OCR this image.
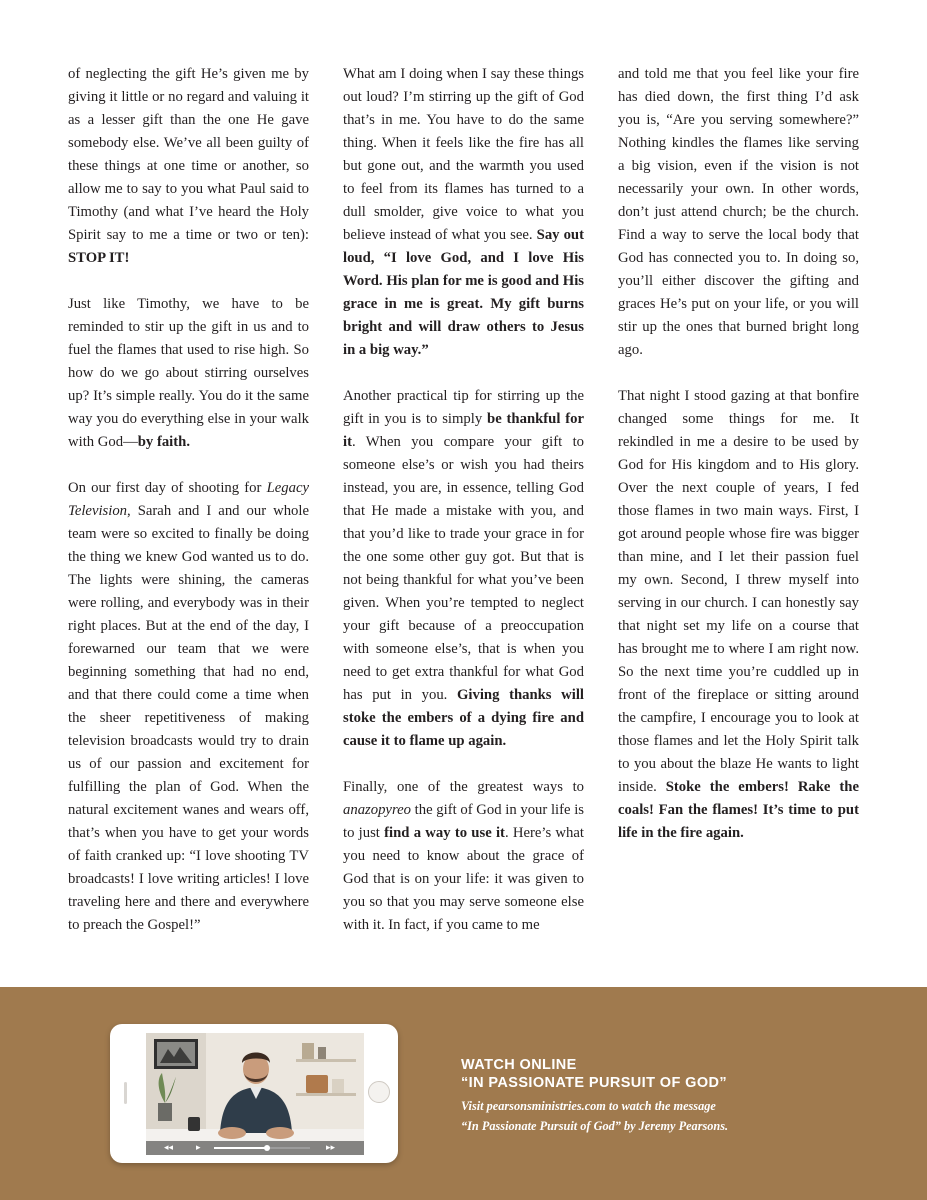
of neglecting the gift He’s given me by giving it little or no regard and valuing it as a lesser gift than the one He gave somebody else. We’ve all been guilty of these things at one time or another, so allow me to say to you what Paul said to Timothy (and what I’ve heard the Holy Spirit say to me a time or two or ten): STOP IT!

Just like Timothy, we have to be reminded to stir up the gift in us and to fuel the flames that used to rise high. So how do we go about stirring ourselves up? It’s simple really. You do it the same way you do everything else in your walk with God—by faith.

On our first day of shooting for Legacy Television, Sarah and I and our whole team were so excited to finally be doing the thing we knew God wanted us to do. The lights were shining, the cameras were rolling, and everybody was in their right places. But at the end of the day, I forewarned our team that we were beginning something that had no end, and that there could come a time when the sheer repetitiveness of making television broadcasts would try to drain us of our passion and excitement for fulfilling the plan of God. When the natural excitement wanes and wears off, that’s when you have to get your words of faith cranked up: “I love shooting TV broadcasts! I love writing articles! I love traveling here and there and everywhere to preach the Gospel!”

What am I doing when I say these things out loud? I’m stirring up the gift of God that’s in me. You have to do the same thing. When it feels like the fire has all but gone out, and the warmth you used to feel from its flames has turned to a dull smolder, give voice to what you believe instead of what you see. Say out loud, “I love God, and I love His Word. His plan for me is good and His grace in me is great. My gift burns bright and will draw others to Jesus in a big way.”

Another practical tip for stirring up the gift in you is to simply be thankful for it. When you compare your gift to someone else’s or wish you had theirs instead, you are, in essence, telling God that He made a mistake with you, and that you’d like to trade your grace in for the one some other guy got. But that is not being thankful for what you’ve been given. When you’re tempted to neglect your gift because of a preoccupation with someone else’s, that is when you need to get extra thankful for what God has put in you. Giving thanks will stoke the embers of a dying fire and cause it to flame up again.

Finally, one of the greatest ways to anazopyreo the gift of God in your life is to just find a way to use it. Here’s what you need to know about the grace of God that is on your life: it was given to you so that you may serve someone else with it. In fact, if you came to me

and told me that you feel like your fire has died down, the first thing I’d ask you is, “Are you serving somewhere?” Nothing kindles the flames like serving a big vision, even if the vision is not necessarily your own. In other words, don’t just attend church; be the church. Find a way to serve the local body that God has connected you to. In doing so, you’ll either discover the gifting and graces He’s put on your life, or you will stir up the ones that burned bright long ago.

That night I stood gazing at that bonfire changed some things for me. It rekindled in me a desire to be used by God for His kingdom and to His glory. Over the next couple of years, I fed those flames in two main ways. First, I got around people whose fire was bigger than mine, and I let their passion fuel my own. Second, I threw myself into serving in our church. I can honestly say that night set my life on a course that has brought me to where I am right now. So the next time you’re cuddled up in front of the fireplace or sitting around the campfire, I encourage you to look at those flames and let the Holy Spirit talk to you about the blaze He wants to light inside. Stoke the embers! Rake the coals! Fan the flames! It’s time to put life in the fire again.

◂◂	▸	▸▸
WATCH ONLINE
“IN PASSIONATE PURSUIT OF GOD”
Visit pearsonsministries.com to watch the message
“In Passionate Pursuit of God” by Jeremy Pearsons.
